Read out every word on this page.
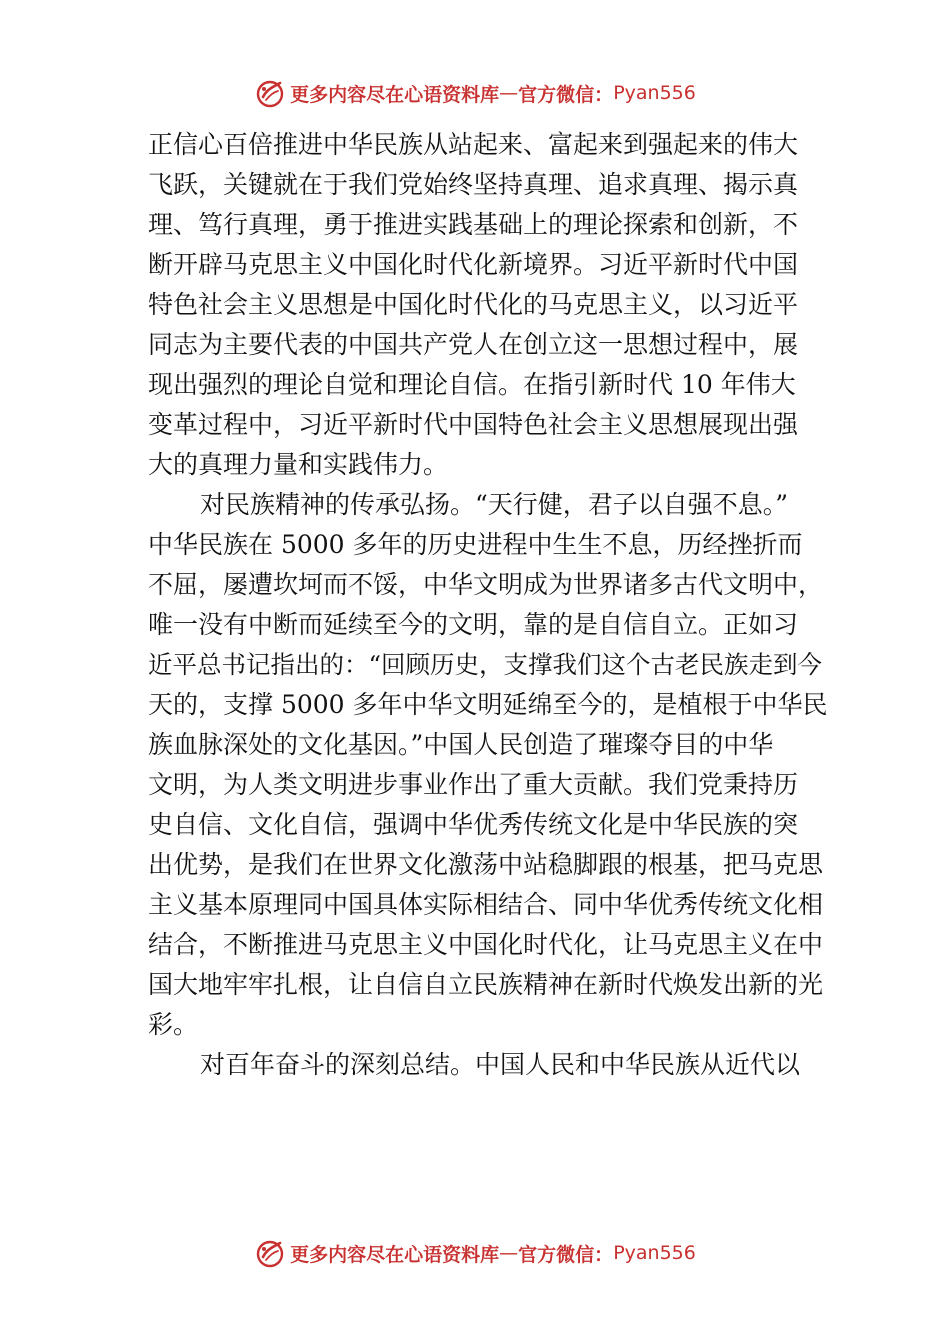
更多内容尽在心语资料库 — 官方微信： Pyan556
正信心百倍推进中华民族从站起来、富起来到强起来的伟大
飞跃，关键就在于我们党始终坚持真理、追求真理、揭示真
理、笃行真理，勇于推进实践基础上的理论探索和创新，不
断开辟马克思主义中国化时代化新境界。习近平新时代中国
特色社会主义思想是中国化时代化的马克思主义，以习近平
同志为主要代表的中国共产党人在创立这一思想过程中，展
现出强烈的理论自觉和理论自信。在指引新时代 10 年伟大
变革过程中，习近平新时代中国特色社会主义思想展现出强
大的真理力量和实践伟力。
对民族精神的传承弘扬。“天行健，君子以自强不息。”
中华民族在 5000 多年的历史进程中生生不息，历经挫折而
不屈，屡遭坎坷而不馁，中华文明成为世界诸多古代文明中，
唯一没有中断而延续至今的文明，靠的是自信自立。正如习
近平总书记指出的：“回顾历史，支撑我们这个古老民族走到今
天的，支撑 5000 多年中华文明延绵至今的，是植根于中华民
族血脉深处的文化基因。”中国人民创造了璀璨夺目的中华
文明，为人类文明进步事业作出了重大贡献。我们党秉持历
史自信、文化自信，强调中华优秀传统文化是中华民族的突
出优势，是我们在世界文化激荡中站稳脚跟的根基，把马克思
主义基本原理同中国具体实际相结合、同中华优秀传统文化相
结合，不断推进马克思主义中国化时代化，让马克思主义在中
国大地牢牢扎根，让自信自立民族精神在新时代焕发出新的光
彩。
对百年奋斗的深刻总结。中国人民和中华民族从近代以
更多内容尽在心语资料库 — 官方微信： Pyan556
